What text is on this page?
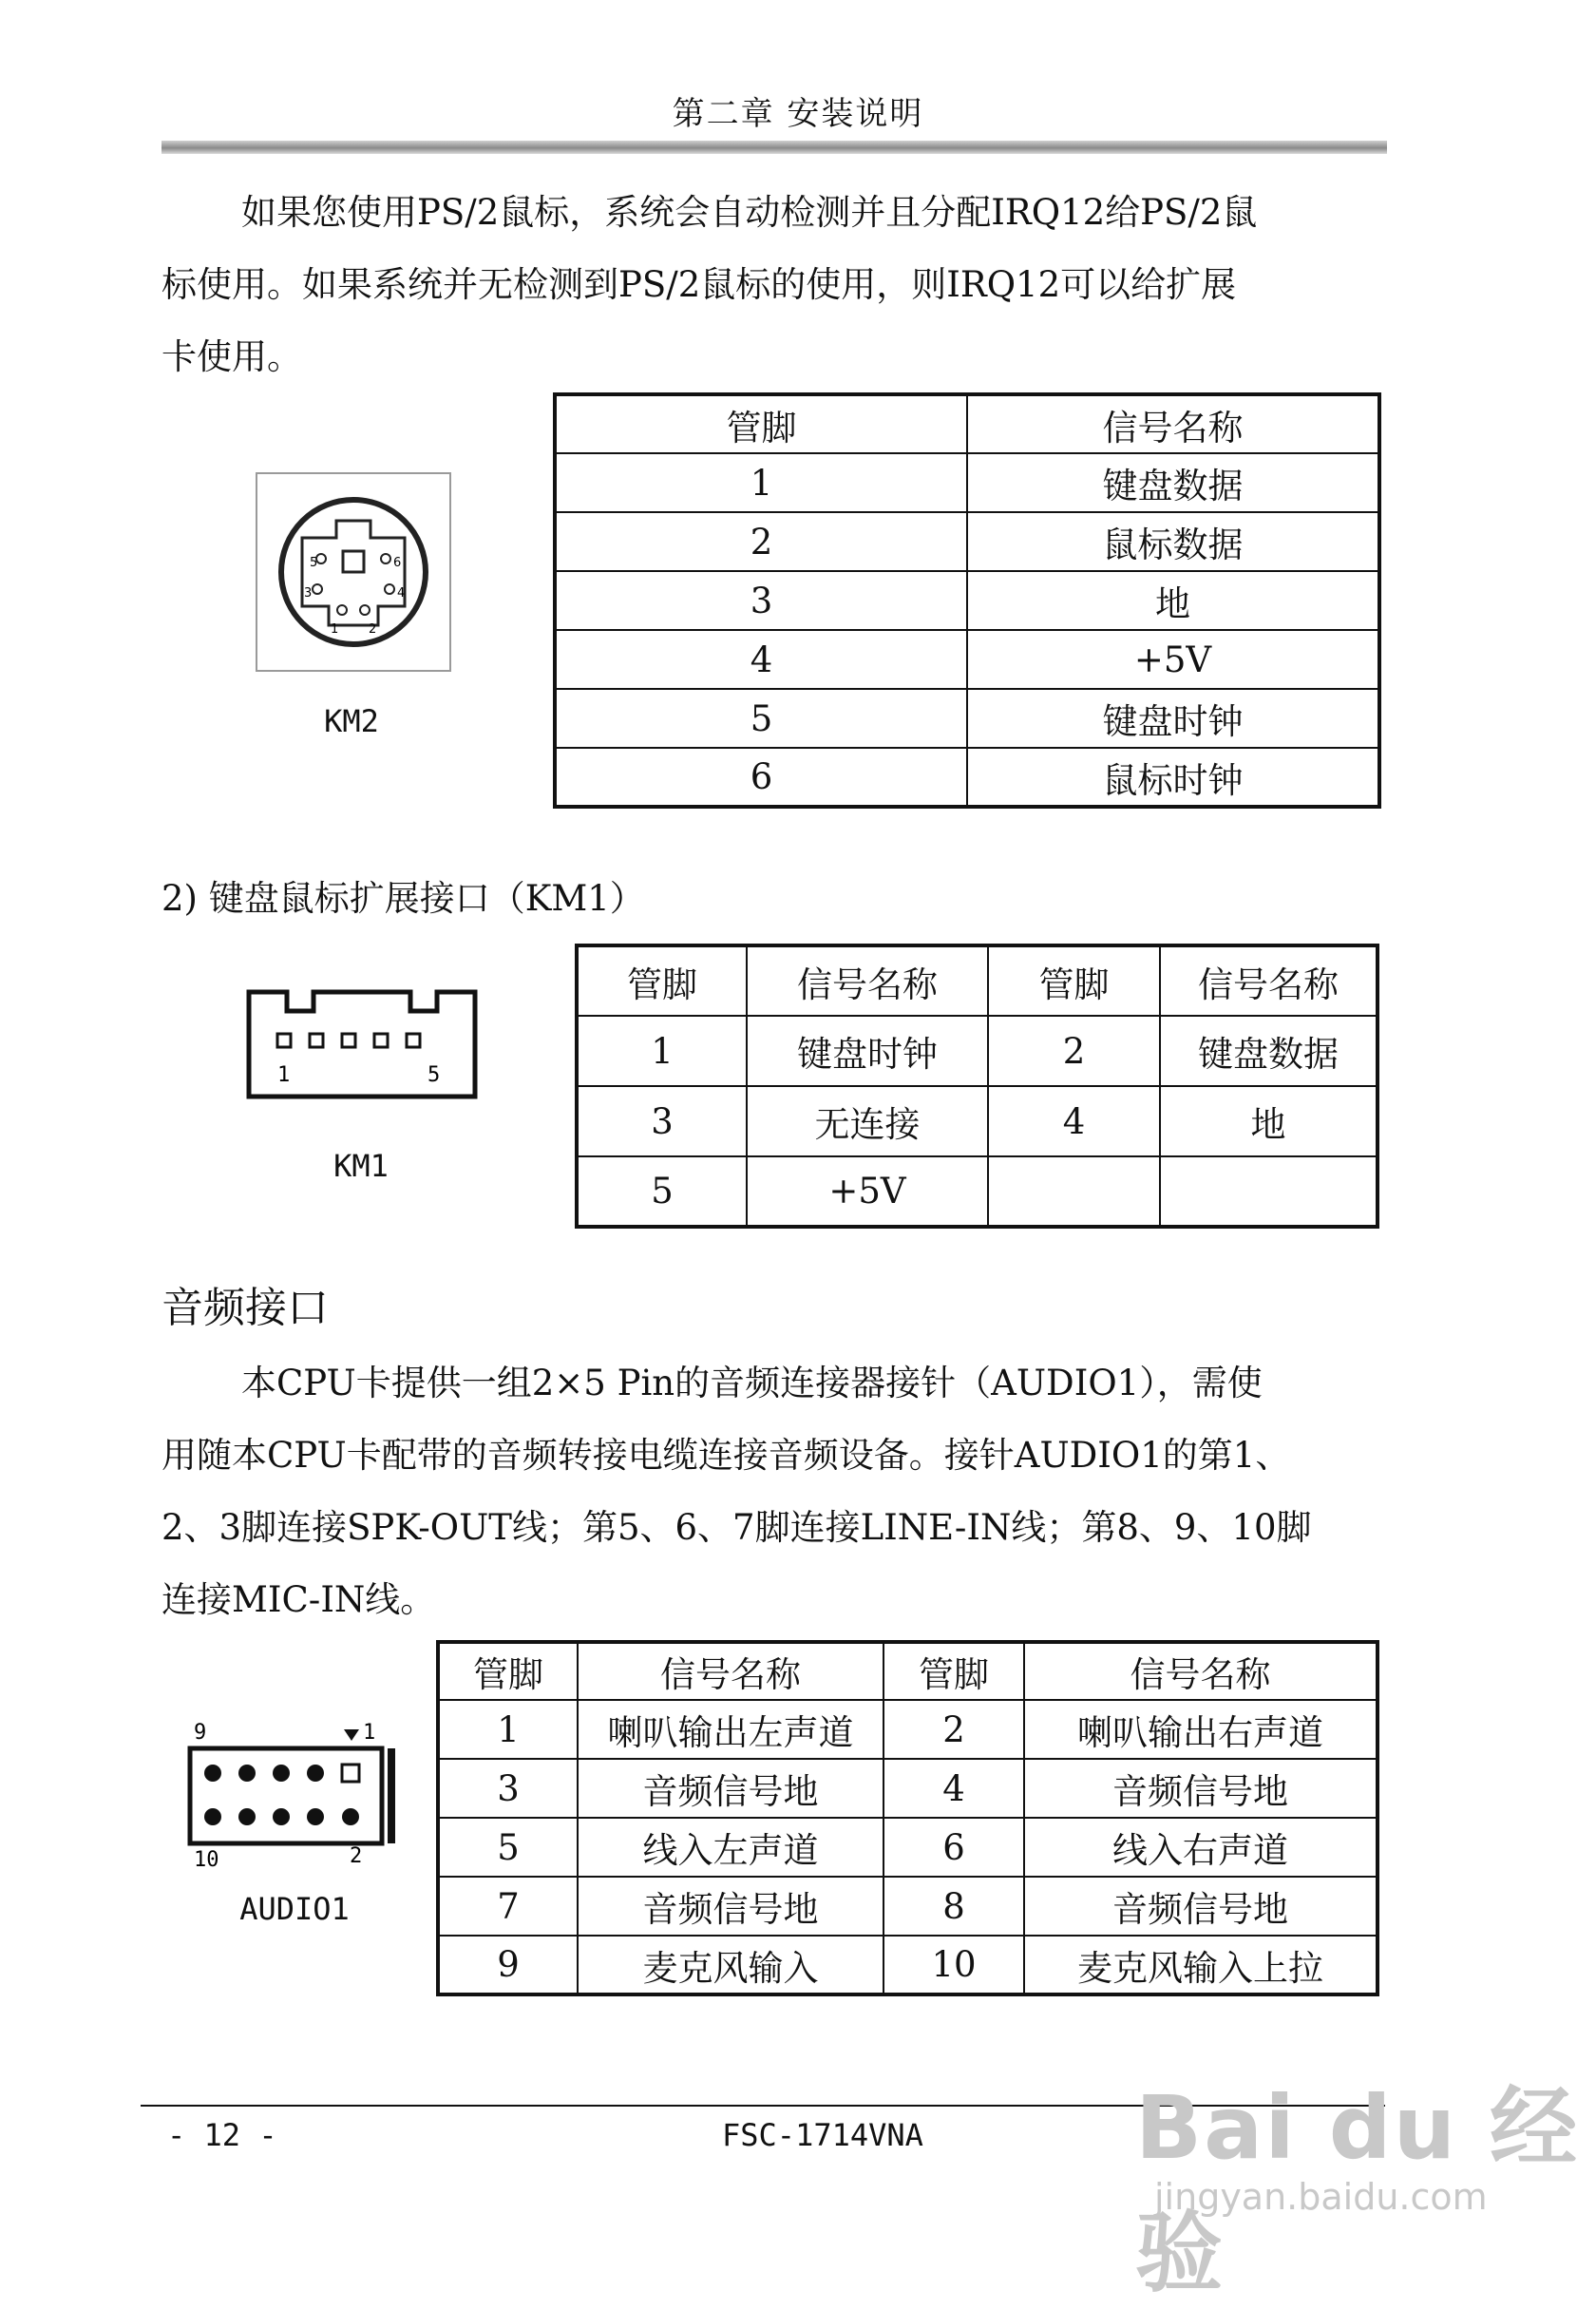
第二章 安装说明
如果您使用PS/2鼠标，系统会自动检测并且分配IRQ12给PS/2鼠
标使用。如果系统并无检测到PS/2鼠标的使用，则IRQ12可以给扩展
卡使用。
5	6
3	4
1 2
KM2
管脚	信号名称
1	键盘数据
2	鼠标数据
3	地
4	+5V
5	键盘时钟
6	鼠标时钟
2) 键盘鼠标扩展接口（KM1）
1	5
KM1
管脚	信号名称	管脚	信号名称
1	键盘时钟	2	键盘数据
3	无连接	4	地
5	+5V		
音频接口
本CPU卡提供一组2×5 Pin的音频连接器接针（AUDIO1），需使
用随本CPU卡配带的音频转接电缆连接音频设备。接针AUDIO1的第1、
2、3脚连接SPK-OUT线；第5、6、7脚连接LINE-IN线；第8、9、10脚
连接MIC-IN线。
9	1
10	2
AUDIO1
管脚	信号名称	管脚	信号名称
1	喇叭输出左声道	2	喇叭输出右声道
3	音频信号地	4	音频信号地
5	线入左声道	6	线入右声道
7	音频信号地	8	音频信号地
9	麦克风输入	10	麦克风输入上拉
- 12 -	FSC-1714VNA Bai du 经验
jingyan.baidu.com
